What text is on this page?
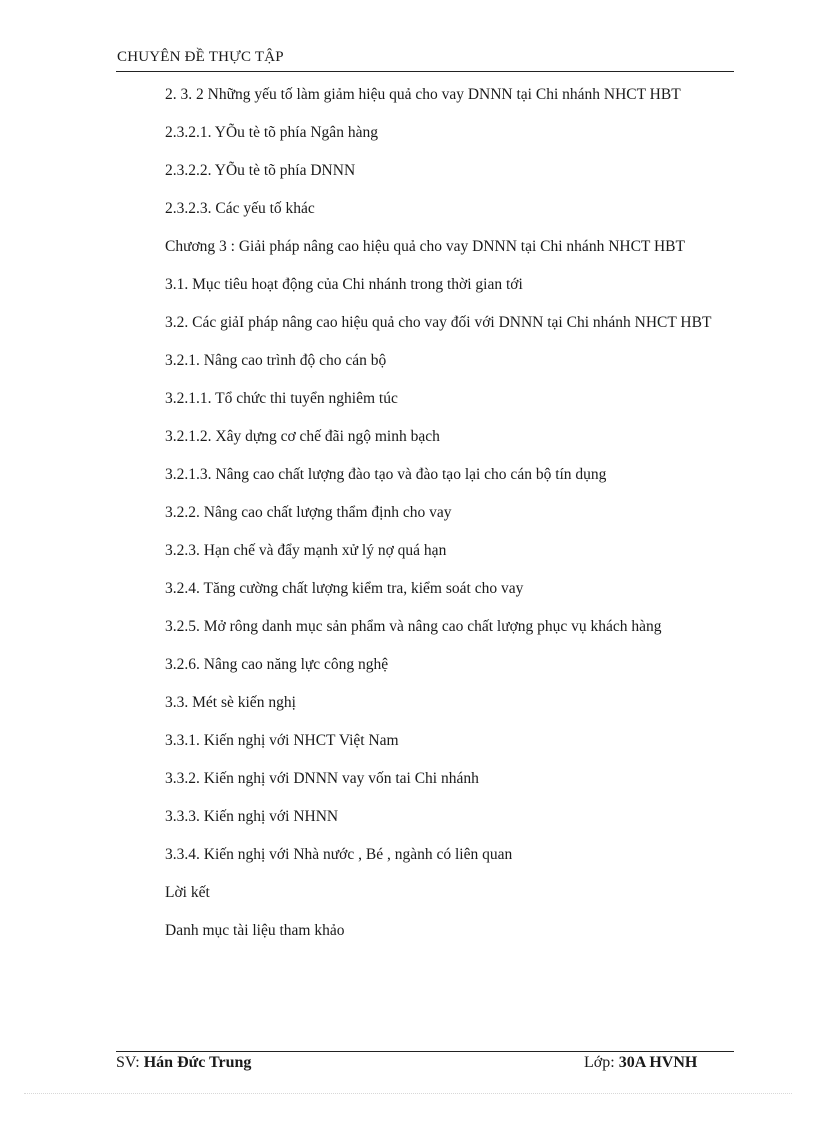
CHUYÊN ĐỀ THỰC TẬP

2. 3. 2 Những yếu tố làm giảm hiệu quả cho vay DNNN tại Chi nhánh NHCT HBT

2.3.2.1. YÕu tè tõ phía Ngân hàng

2.3.2.2. YÕu tè tõ phía DNNN

2.3.2.3. Các yếu tố khác

Chương 3 : Giải pháp nâng cao hiệu quả cho vay DNNN tại Chi nhánh NHCT HBT

3.1. Mục tiêu hoạt động của Chi nhánh trong thời gian tới

3.2. Các giảI pháp nâng cao hiệu quả cho vay đối với DNNN tại Chi nhánh NHCT HBT

3.2.1. Nâng cao trình độ cho cán bộ

3.2.1.1. Tổ chức thi tuyển nghiêm túc

3.2.1.2. Xây dựng cơ chế đãi ngộ minh bạch

3.2.1.3. Nâng cao chất lượng đào tạo và đào tạo lại cho cán bộ tín dụng

3.2.2. Nâng cao chất lượng thẩm định cho vay

3.2.3. Hạn chế và đẩy mạnh xử lý nợ quá hạn

3.2.4. Tăng cường chất lượng kiểm tra, kiểm soát cho vay

3.2.5. Mở rông danh mục sản phẩm và nâng cao chất lượng phục vụ khách hàng

3.2.6. Nâng cao năng lực công nghệ

3.3. Mét sè kiến nghị

3.3.1. Kiến nghị với NHCT Việt Nam

3.3.2. Kiến nghị với DNNN vay vốn tai Chi nhánh

3.3.3. Kiến nghị với NHNN

3.3.4. Kiến nghị với Nhà nước , Bé , ngành có liên quan

Lời kết

Danh mục tài liệu tham khảo

SV: Hán Đức Trung	Lớp: 30A HVNH
